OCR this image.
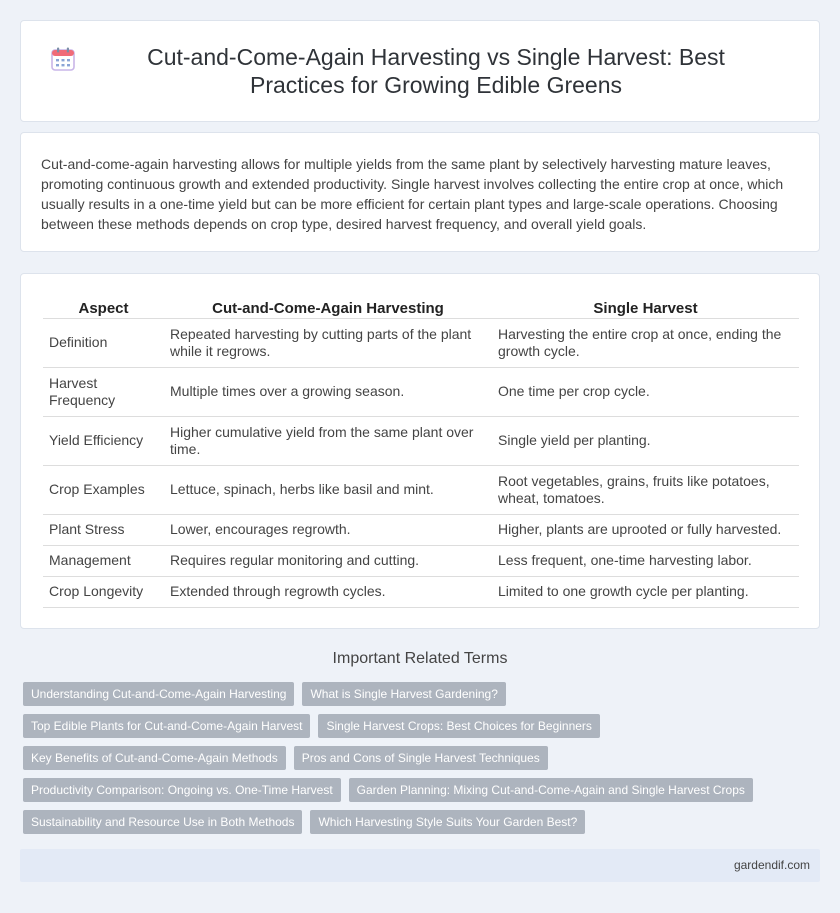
Cut-and-Come-Again Harvesting vs Single Harvest: Best Practices for Growing Edible Greens

Cut-and-come-again harvesting allows for multiple yields from the same plant by selectively harvesting mature leaves, promoting continuous growth and extended productivity. Single harvest involves collecting the entire crop at once, which usually results in a one-time yield but can be more efficient for certain plant types and large-scale operations. Choosing between these methods depends on crop type, desired harvest frequency, and overall yield goals.

Aspect	Cut-and-Come-Again Harvesting	Single Harvest
Definition	Repeated harvesting by cutting parts of the plant while it regrows.	Harvesting the entire crop at once, ending the growth cycle.
Harvest Frequency	Multiple times over a growing season.	One time per crop cycle.
Yield Efficiency	Higher cumulative yield from the same plant over time.	Single yield per planting.
Crop Examples	Lettuce, spinach, herbs like basil and mint.	Root vegetables, grains, fruits like potatoes, wheat, tomatoes.
Plant Stress	Lower, encourages regrowth.	Higher, plants are uprooted or fully harvested.
Management	Requires regular monitoring and cutting.	Less frequent, one-time harvesting labor.
Crop Longevity	Extended through regrowth cycles.	Limited to one growth cycle per planting.
Important Related Terms
Understanding Cut-and-Come-Again Harvesting	What is Single Harvest Gardening?
Top Edible Plants for Cut-and-Come-Again Harvest	Single Harvest Crops: Best Choices for Beginners
Key Benefits of Cut-and-Come-Again Methods	Pros and Cons of Single Harvest Techniques
Productivity Comparison: Ongoing vs. One-Time Harvest	Garden Planning: Mixing Cut-and-Come-Again and Single Harvest Crops
Sustainability and Resource Use in Both Methods	Which Harvesting Style Suits Your Garden Best?
gardendif.com
